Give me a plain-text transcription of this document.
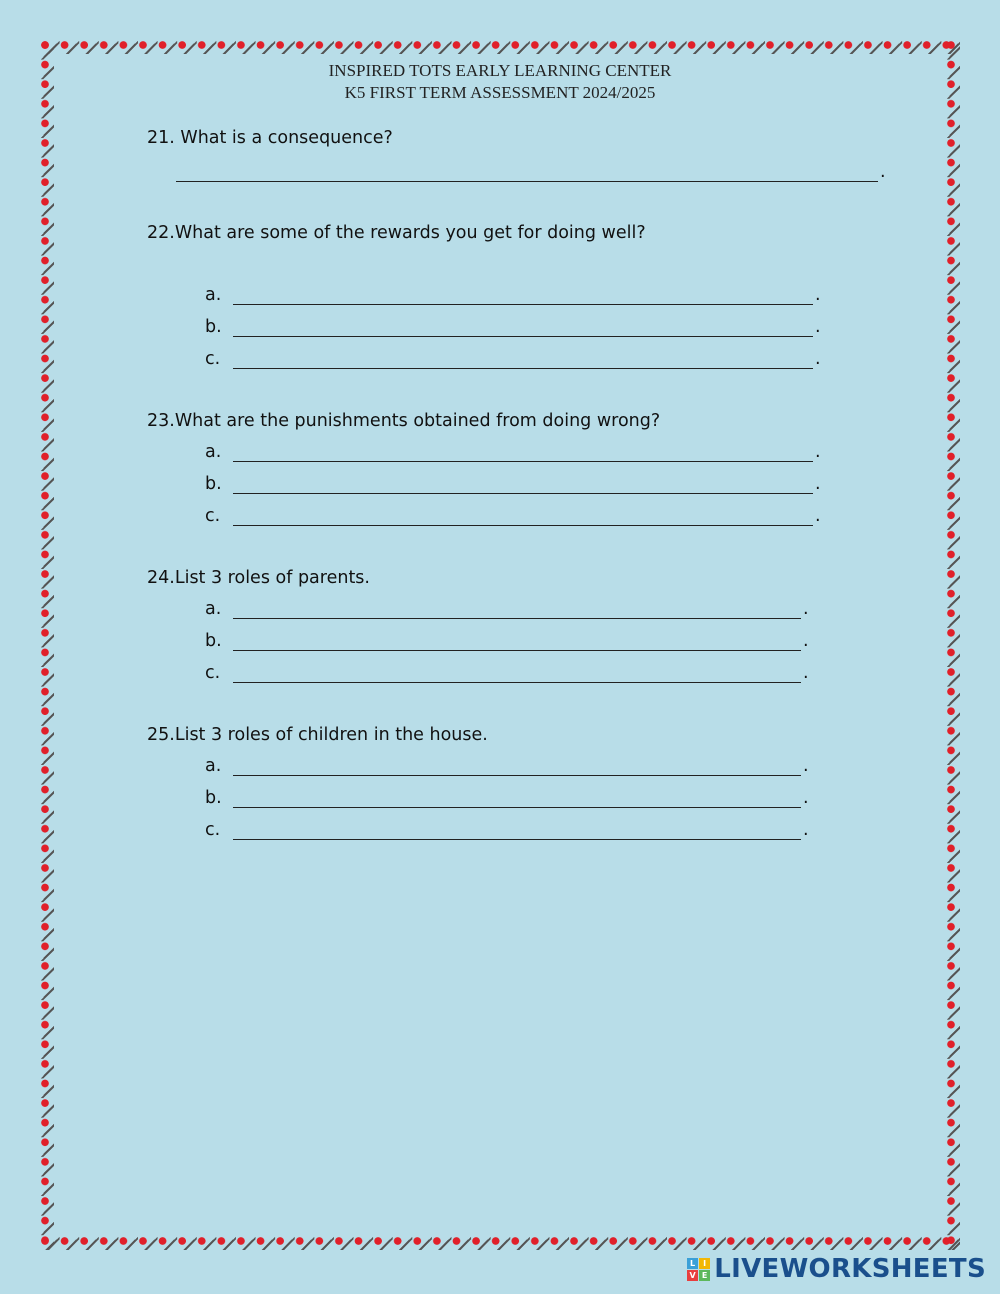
INSPIRED TOTS EARLY LEARNING CENTER
K5 FIRST TERM ASSESSMENT 2024/2025
21. What is a consequence?
.
22.What are some of the rewards you get for doing well?
a.	.
b.	.
c.	.
23.What are the punishments obtained from doing wrong?
a.	.
b.	.
c.	.
24.List 3 roles of parents.
a.	.
b.	.
c.	.
25.List 3 roles of children in the house.
a.	.
b.	.
c.	.
L I
V E LIVEWORKSHEETS
